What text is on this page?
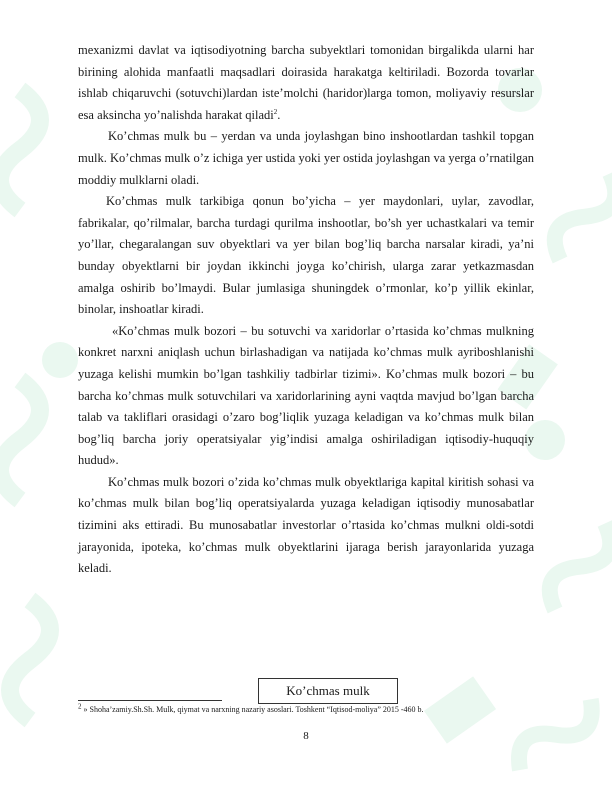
mexanizmi davlat va iqtisodiyotning barcha subyektlari tomonidan birgalikda ularni har birining alohida manfaatli maqsadlari doirasida harakatga keltiriladi. Bozorda tovarlar ishlab chiqaruvchi (sotuvchi)lardan iste’molchi (haridor)larga tomon, moliyaviy resurslar esa aksincha yo’nalishda harakat qiladi$^2$.

Ko’chmas mulk bu – yerdan va unda joylashgan bino inshootlardan tashkil topgan mulk. Ko’chmas mulk o’z ichiga yer ustida yoki yer ostida joylashgan va yerga o’rnatilgan moddiy mulklarni oladi.

Ko’chmas mulk tarkibiga qonun bo’yicha – yer maydonlari, uylar, zavodlar, fabrikalar, qo’rilmalar, barcha turdagi qurilma inshootlar, bo’sh yer uchastkalari va temir yo’llar, chegaralangan suv obyektlari va yer bilan bog’liq barcha narsalar kiradi, ya’ni bunday obyektlarni bir joydan ikkinchi joyga ko’chirish, ularga zarar yetkazmasdan amalga oshirib bo’lmaydi. Bular jumlasiga shuningdek o’rmonlar, ko’p yillik ekinlar, binolar, inshoatlar kiradi.

«Ko’chmas mulk bozori – bu sotuvchi va xaridorlar o’rtasida ko’chmas mulkning konkret narxni aniqlash uchun birlashadigan va natijada ko’chmas mulk ayriboshlanishi yuzaga kelishi mumkin bo’lgan tashkiliy tadbirlar tizimi». Ko’chmas mulk bozori – bu barcha ko’chmas mulk sotuvchilari va xaridorlarining ayni vaqtda mavjud bo’lgan barcha talab va takliflari orasidagi o’zaro bog’liqlik yuzaga keladigan va ko’chmas mulk bilan bog’liq barcha joriy operatsiyalar yig’indisi amalga oshiriladigan iqtisodiy-huquqiy hudud».

Ko’chmas mulk bozori o’zida ko’chmas mulk obyektlariga kapital kiritish sohasi va ko’chmas mulk bilan bog’liq operatsiyalarda yuzaga keladigan iqtisodiy munosabatlar tizimini aks ettiradi. Bu munosabatlar investorlar o’rtasida ko’chmas mulkni oldi-sotdi jarayonida, ipoteka, ko’chmas mulk obyektlarini ijaraga berish jarayonlarida yuzaga keladi.

Ko’chmas mulk
$^2$ » Shoha’zamiy.Sh.Sh. Mulk, qiymat va narxning nazariy asoslari. Toshkent “Iqtisod-moliya” 2015 -460 b.
8
